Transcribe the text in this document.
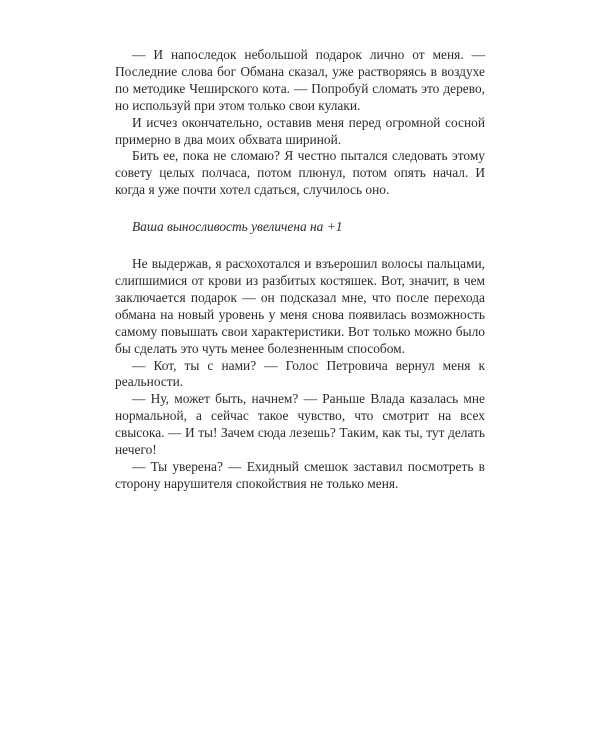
— И напоследок небольшой подарок лично от меня. — Последние слова бог Обмана сказал, уже растворяясь в воздухе по методике Чеширского кота. — Попробуй сломать это дерево, но используй при этом только свои кулаки.

И исчез окончательно, оставив меня перед огромной сосной примерно в два моих обхвата шириной.

Бить ее, пока не сломаю? Я честно пытался следовать этому совету целых полчаса, потом плюнул, потом опять начал. И когда я уже почти хотел сдаться, случилось оно.

Ваша выносливость увеличена на +1

Не выдержав, я расхохотался и взъерошил волосы пальцами, слипшимися от крови из разбитых костяшек. Вот, значит, в чем заключается подарок — он подсказал мне, что после перехода обмана на новый уровень у меня снова появилась возможность самому повышать свои характеристики. Вот только можно было бы сделать это чуть менее болезненным способом.

— Кот, ты с нами? — Голос Петровича вернул меня к реальности.

— Ну, может быть, начнем? — Раньше Влада казалась мне нормальной, а сейчас такое чувство, что смотрит на всех свысока. — И ты! Зачем сюда лезешь? Таким, как ты, тут делать нечего!

— Ты уверена? — Ехидный смешок заставил посмотреть в сторону нарушителя спокойствия не только меня.
